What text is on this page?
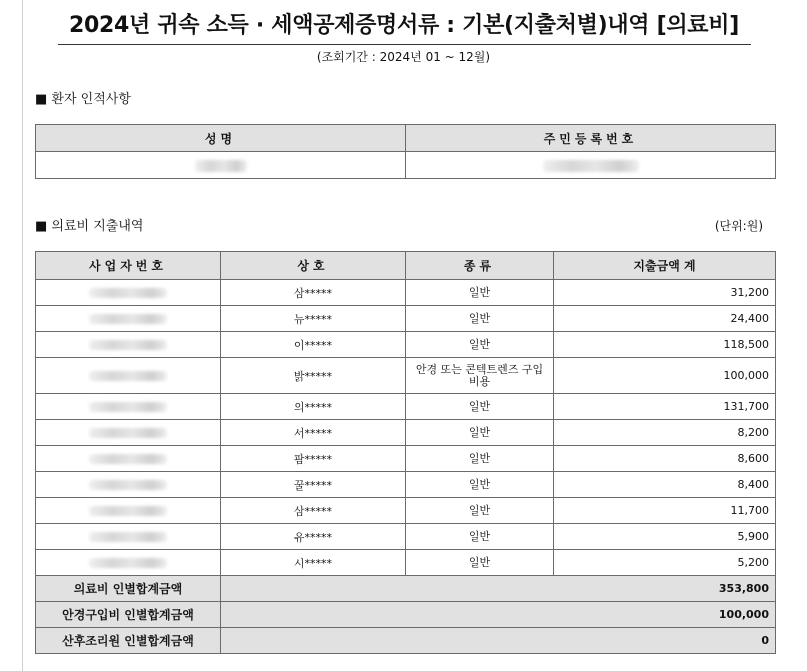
2024년 귀속 소득 · 세액공제증명서류 : 기본(지출처별)내역 [의료비]
(조회기간 : 2024년 01 ~ 12월)
■ 환자 인적사항
성명	주민등록번호

■ 의료비 지출내역	(단위:원)
사업자번호	상호	종류	지출금액 계
	삼*****	일반	31,200
	뉴*****	일반	24,400
	이*****	일반	118,500
	밝*****	안경 또는 콘텍트렌즈 구입비용	100,000
	의*****	일반	131,700
	서*****	일반	8,200
	팜*****	일반	8,600
	꿀*****	일반	8,400
	삼*****	일반	11,700
	유*****	일반	5,900
	시*****	일반	5,200
의료비 인별합계금액	353,800		
안경구입비 인별합계금액	100,000		
산후조리원 인별합계금액	0		
